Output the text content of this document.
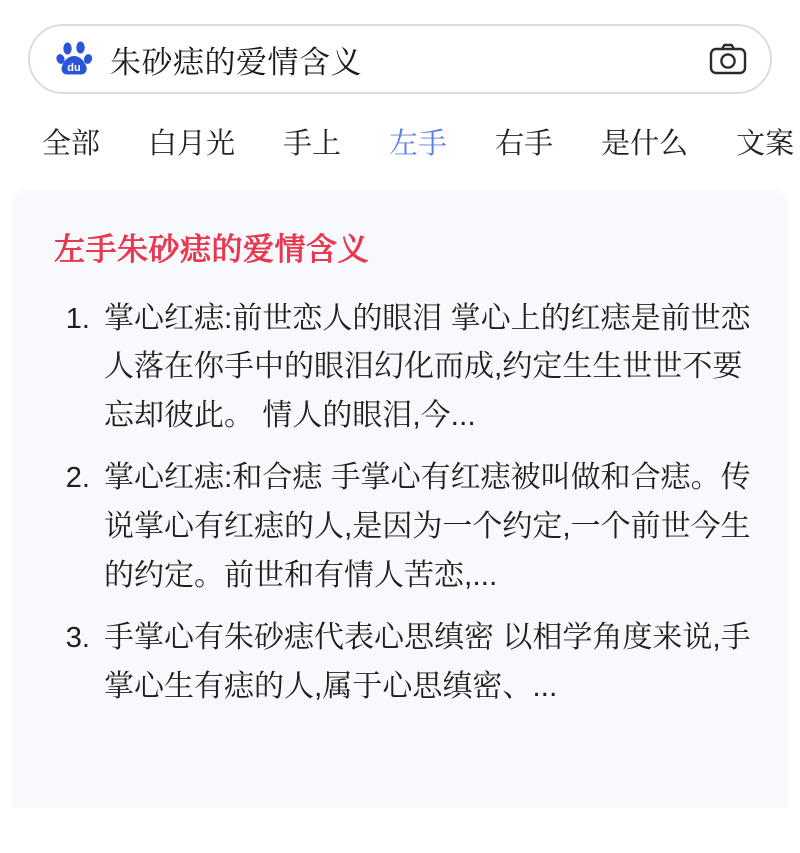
du 朱砂痣的爱情含义
全部	白月光	手上	左手	右手	是什么	文案
左手朱砂痣的爱情含义
1. 掌心红痣:前世恋人的眼泪 掌心上的红痣是前世恋人落在你手中的眼泪幻化而成,约定生生世世不要忘却彼此。 情人的眼泪,今...
2. 掌心红痣:和合痣 手掌心有红痣被叫做和合痣。传说掌心有红痣的人,是因为一个约定,一个前世今生的约定。前世和有情人苦恋,...
3. 手掌心有朱砂痣代表心思缜密 以相学角度来说,手掌心生有痣的人,属于心思缜密、...
